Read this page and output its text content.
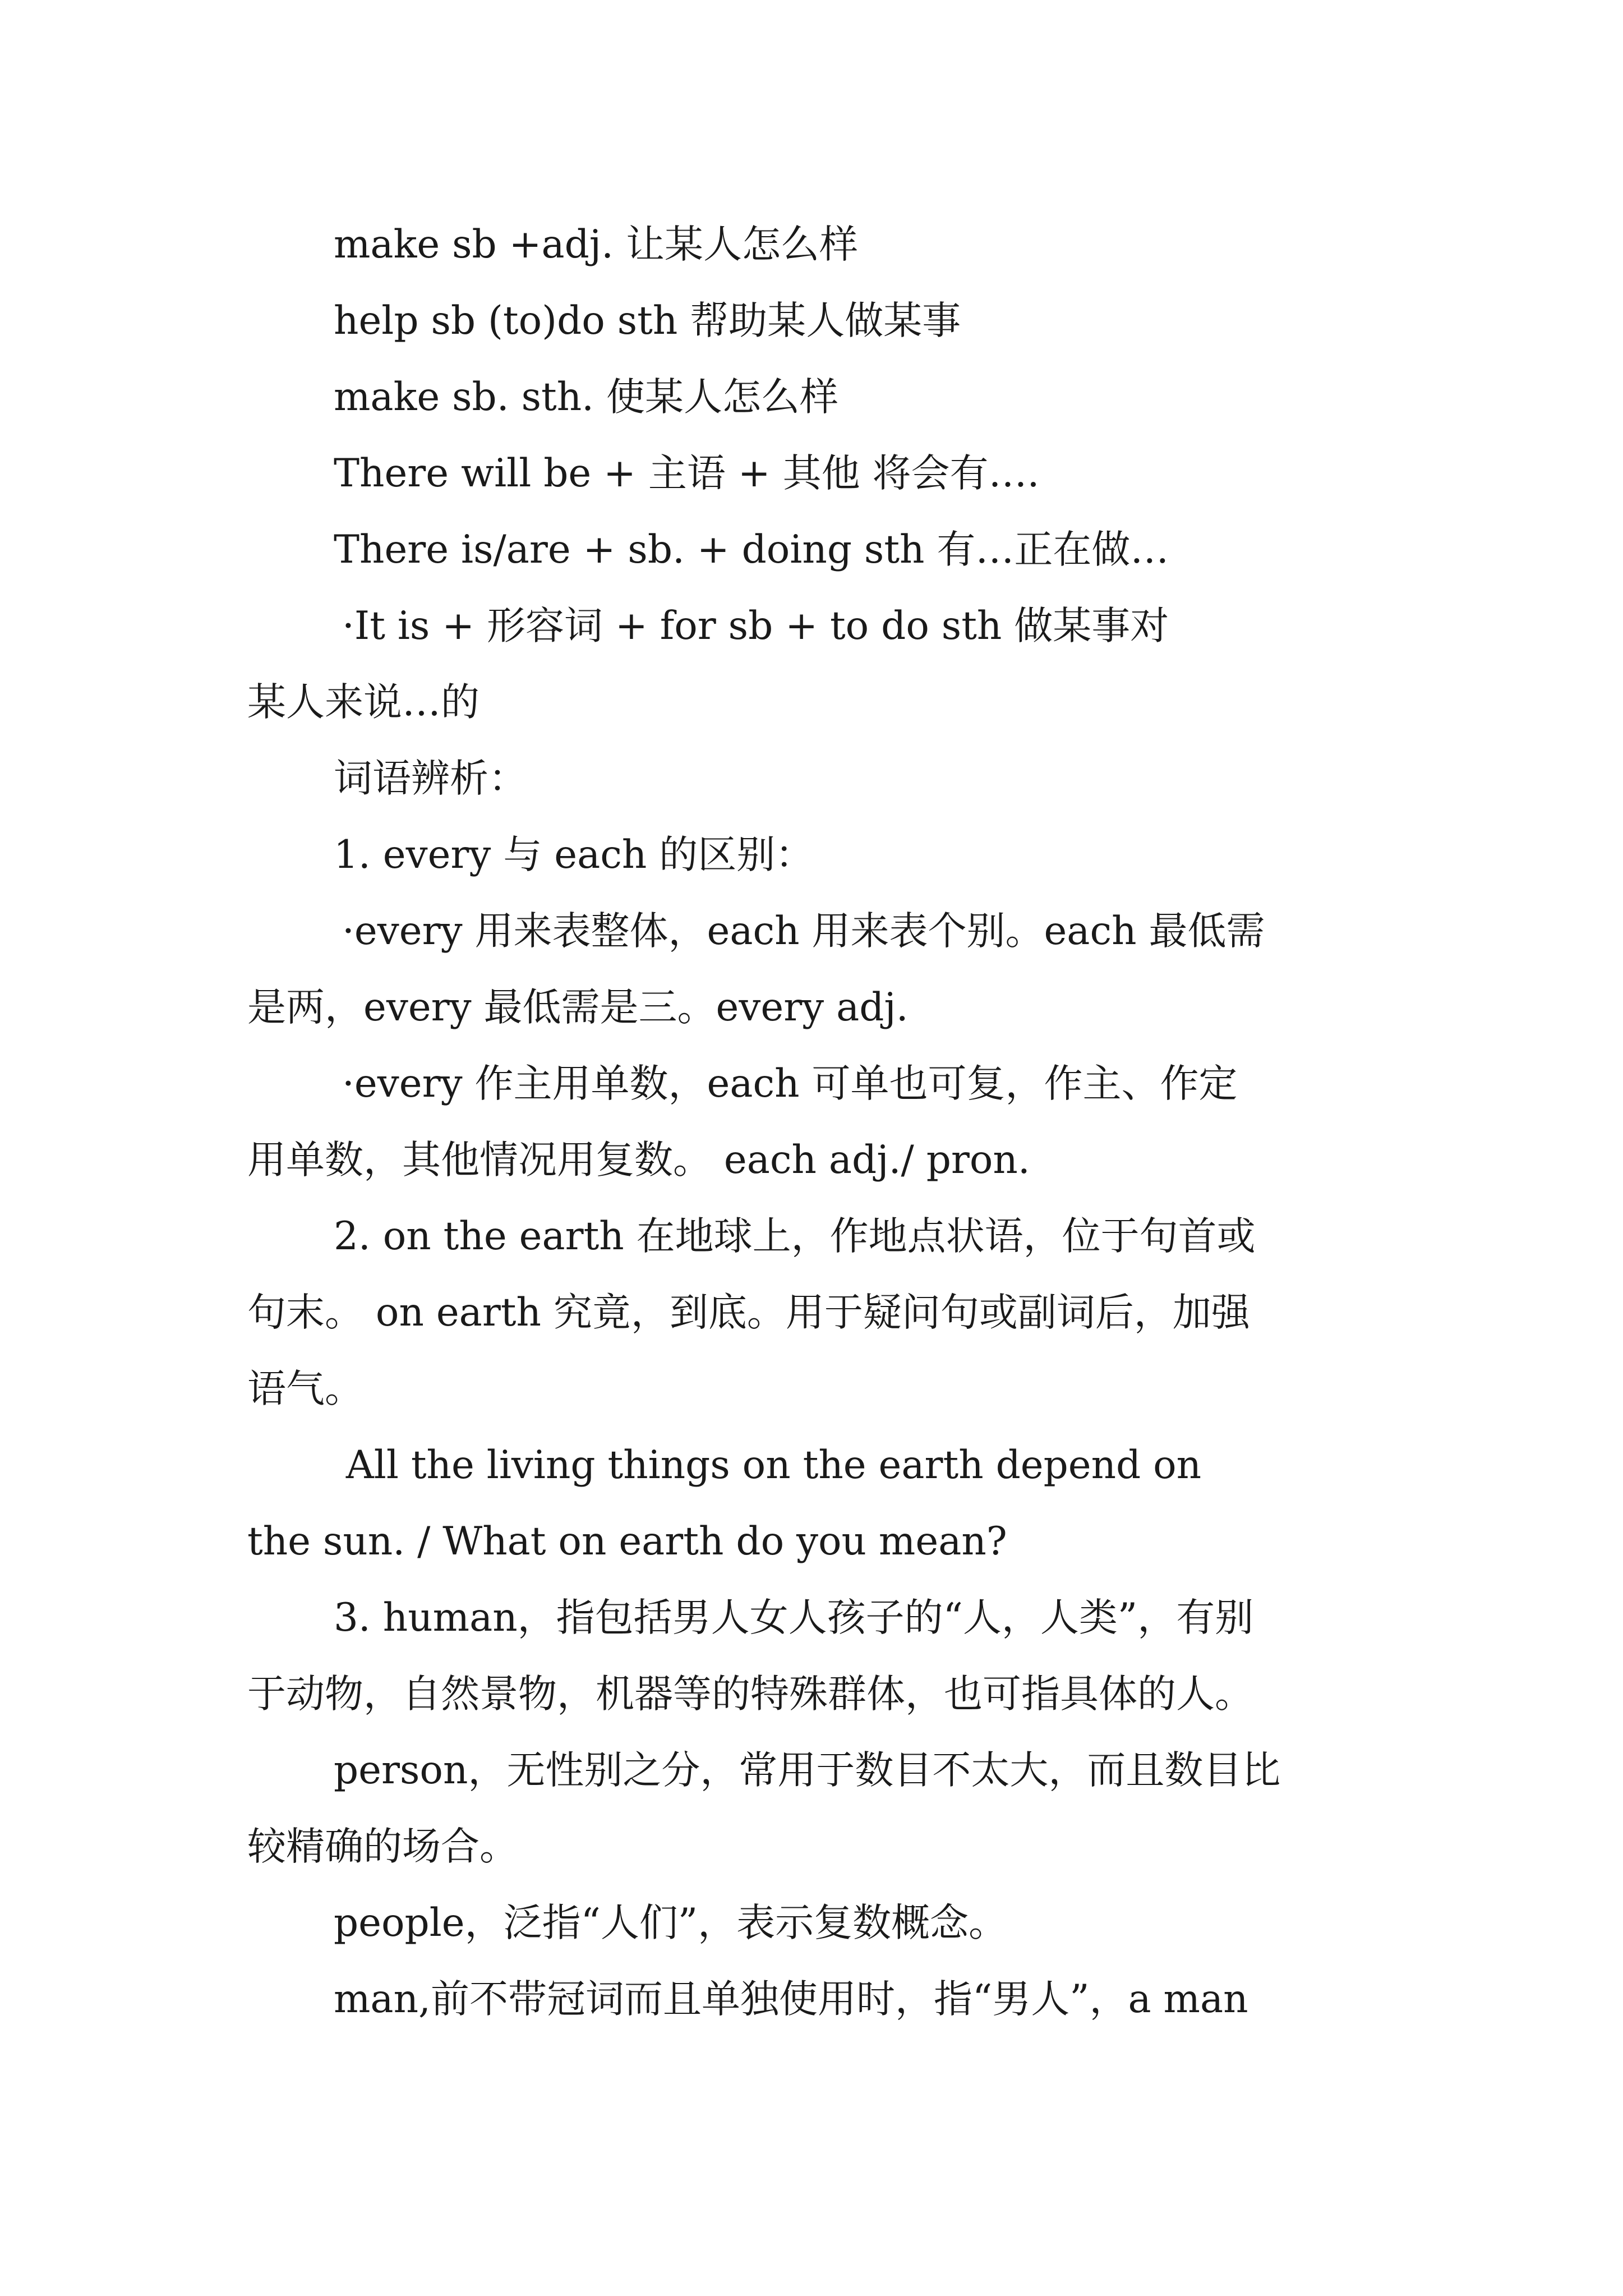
make sb +adj. 让某人怎么样
help sb (to)do sth 帮助某人做某事
make sb. sth. 使某人怎么样
There will be + 主语 + 其他 将会有….
There is/are + sb. + doing sth 有…正在做…
·It is + 形容词 + for sb + to do sth 做某事对
某人来说…的
词语辨析：
1. every 与 each 的区别：
·every 用来表整体，each 用来表个别。each 最低需
是两，every 最低需是三。every adj.
·every 作主用单数，each 可单也可复，作主、作定
用单数，其他情况用复数。 each adj./ pron.
2. on the earth 在地球上，作地点状语，位于句首或
句末。 on earth 究竟，到底。用于疑问句或副词后，加强
语气。
All the living things on the earth depend on
the sun. / What on earth do you mean?
3. human，指包括男人女人孩子的“人，人类”，有别
于动物，自然景物，机器等的特殊群体，也可指具体的人。
person，无性别之分，常用于数目不太大，而且数目比
较精确的场合。
people，泛指“人们”，表示复数概念。
man,前不带冠词而且单独使用时，指“男人”，a man
